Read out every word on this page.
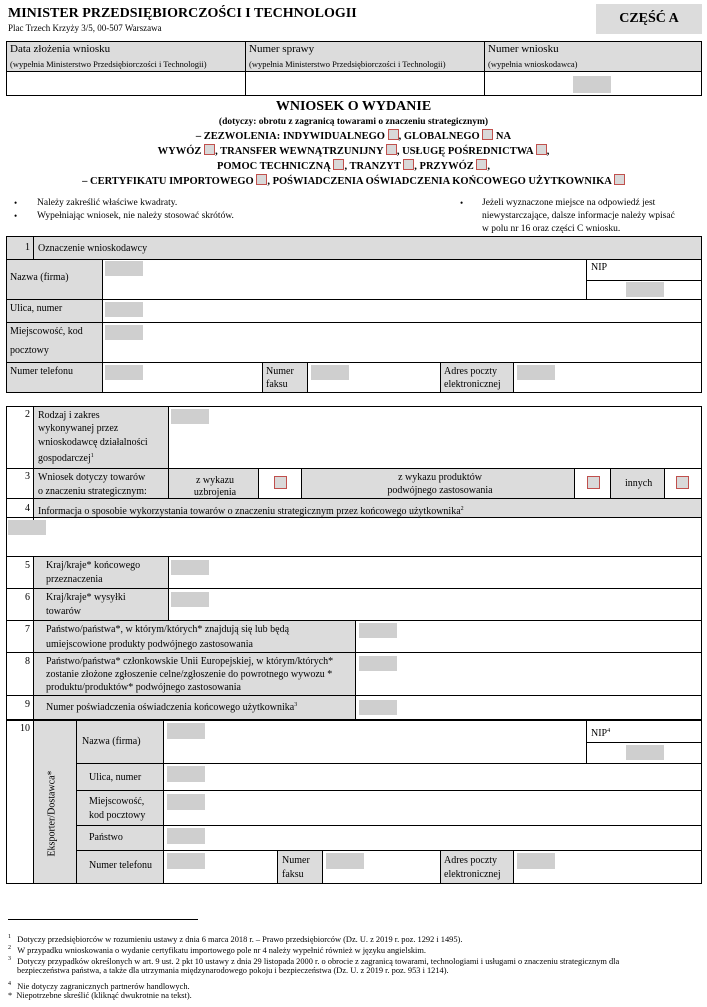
MINISTER PRZEDSIĘBIORCZOŚCI I TECHNOLOGII
Plac Trzech Krzyży 3/5, 00-507 Warszawa
CZĘŚĆ A
Data złożenia wniosku
(wypełnia Ministerstwo Przedsiębiorczości i Technologii)
Numer sprawy
(wypełnia Ministerstwo Przedsiębiorczości i Technologii)
Numer wniosku
(wypełnia wnioskodawca)
WNIOSEK O WYDANIE
(dotyczy: obrotu z zagranicą towarami o znaczeniu strategicznym)
– ZEZWOLENIA: INDYWIDUALNEGO , GLOBALNEGO  NA
WYWÓZ , TRANSFER WEWNĄTRZUNIJNY , USŁUGĘ POŚREDNICTWA ,
POMOC TECHNICZNĄ , TRANZYT , PRZYWÓZ ,
– CERTYFIKATU IMPORTOWEGO , POŚWIADCZENIA OŚWIADCZENIA KOŃCOWEGO UŻYTKOWNIKA
• Należy zakreślić właściwe kwadraty.
• Wypełniając wniosek, nie należy stosować skrótów.
• Jeżeli wyznaczone miejsce na odpowiedź jest
niewystarczające, dalsze informacje należy wpisać
w polu nr 16 oraz części C wniosku.
1 Oznaczenie wnioskodawcy
Nazwa (firma)
NIP
Ulica, numer
Miejscowość, kod
pocztowy
Numer telefonu	Numer
faksu
Adres poczty
elektronicznej
2 Rodzaj i zakres
wykonywanej przez
wnioskodawcę działalności
gospodarczej$^1$
3 Wniosek dotyczy towarów
o znaczeniu strategicznym:
z wykazu
uzbrojenia
z wykazu produktów
podwójnego zastosowania
innych
4 Informacja o sposobie wykorzystania towarów o znaczeniu strategicznym przez końcowego użytkownika$^2$
5 Kraj/kraje* końcowego
przeznaczenia
6 Kraj/kraje* wysyłki
towarów
7 Państwo/państwa*, w którym/których* znajdują się lub będą
umiejscowione produkty podwójnego zastosowania
8 Państwo/państwa* członkowskie Unii Europejskiej, w którym/których*
zostanie złożone zgłoszenie celne/zgłoszenie do powrotnego wywozu *
produktu/produktów* podwójnego zastosowania
9 Numer poświadczenia oświadczenia końcowego użytkownika$^3$
10
Eksporter/Dostawca*
Nazwa (firma)
NIP$^4$
Ulica, numer
Miejscowość,
kod pocztowy
Państwo
Numer telefonu	Numer
faksu
Adres poczty
elektronicznej
$^1$ Dotyczy przedsiębiorców w rozumieniu ustawy z dnia 6 marca 2018 r. – Prawo przedsiębiorców (Dz. U. z 2019 r. poz. 1292 i 1495).
$^2$ W przypadku wnioskowania o wydanie certyfikatu importowego pole nr 4 należy wypełnić również w języku angielskim.
$^3$ Dotyczy przypadków określonych w art. 9 ust. 2 pkt 10 ustawy z dnia 29 listopada 2000 r. o obrocie z zagranicą towarami, technologiami i usługami o znaczeniu strategicznym dla
bezpieczeństwa państwa, a także dla utrzymania międzynarodowego pokoju i bezpieczeństwa (Dz. U. z 2019 r. poz. 953 i 1214).
$^4$ Nie dotyczy zagranicznych partnerów handlowych.
* Niepotrzebne skreślić (kliknąć dwukrotnie na tekst).
